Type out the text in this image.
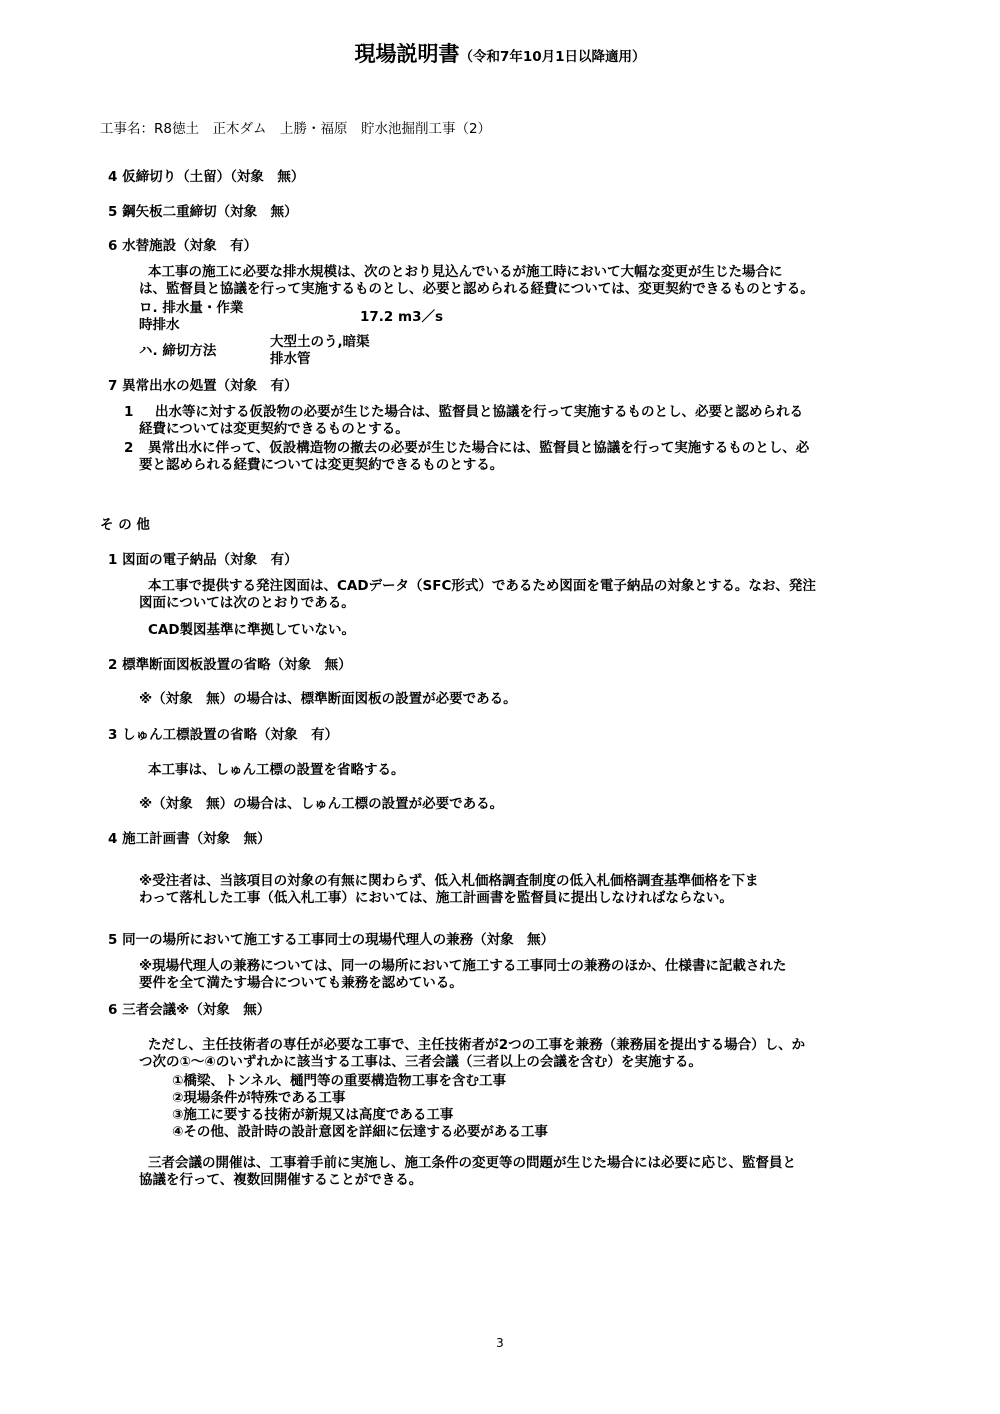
現場説明書（令和7年10月1日以降適用）
工事名：R8徳土　正木ダム　上勝・福原　貯水池掘削工事（2）
4 仮締切り（土留）（対象　無）
5 鋼矢板二重締切（対象　無）
6 水替施設（対象　有）
本工事の施工に必要な排水規模は、次のとおり見込んでいるが施工時において大幅な変更が生じた場合に
は、監督員と協議を行って実施するものとし、必要と認められる経費については、変更契約できるものとする。
ロ. 排水量・作業
時排水	17.2 m3／s
ハ. 締切方法
大型土のう,暗渠
排水管
7 異常出水の処置（対象　有）
1 出水等に対する仮設物の必要が生じた場合は、監督員と協議を行って実施するものとし、必要と認められる
経費については変更契約できるものとする。
2 異常出水に伴って、仮設構造物の撤去の必要が生じた場合には、監督員と協議を行って実施するものとし、必
要と認められる経費については変更契約できるものとする。
そ の 他
1 図面の電子納品（対象　有）
本工事で提供する発注図面は、CADデータ（SFC形式）であるため図面を電子納品の対象とする。なお、発注
図面については次のとおりである。
CAD製図基準に準拠していない。
2 標準断面図板設置の省略（対象　無）
※（対象　無）の場合は、標準断面図板の設置が必要である。
3 しゅん工標設置の省略（対象　有）
本工事は、しゅん工標の設置を省略する。
※（対象　無）の場合は、しゅん工標の設置が必要である。
4 施工計画書（対象　無）
※受注者は、当該項目の対象の有無に関わらず、低入札価格調査制度の低入札価格調査基準価格を下ま
わって落札した工事（低入札工事）においては、施工計画書を監督員に提出しなければならない。
5 同一の場所において施工する工事同士の現場代理人の兼務（対象　無）
※現場代理人の兼務については、同一の場所において施工する工事同士の兼務のほか、仕様書に記載された
要件を全て満たす場合についても兼務を認めている。
6 三者会議※（対象　無）
ただし、主任技術者の専任が必要な工事で、主任技術者が2つの工事を兼務（兼務届を提出する場合）し、か
つ次の①～④のいずれかに該当する工事は、三者会議（三者以上の会議を含む）を実施する。
①橋梁、トンネル、樋門等の重要構造物工事を含む工事
②現場条件が特殊である工事
③施工に要する技術が新規又は高度である工事
④その他、設計時の設計意図を詳細に伝達する必要がある工事
三者会議の開催は、工事着手前に実施し、施工条件の変更等の問題が生じた場合には必要に応じ、監督員と
協議を行って、複数回開催することができる。
3
